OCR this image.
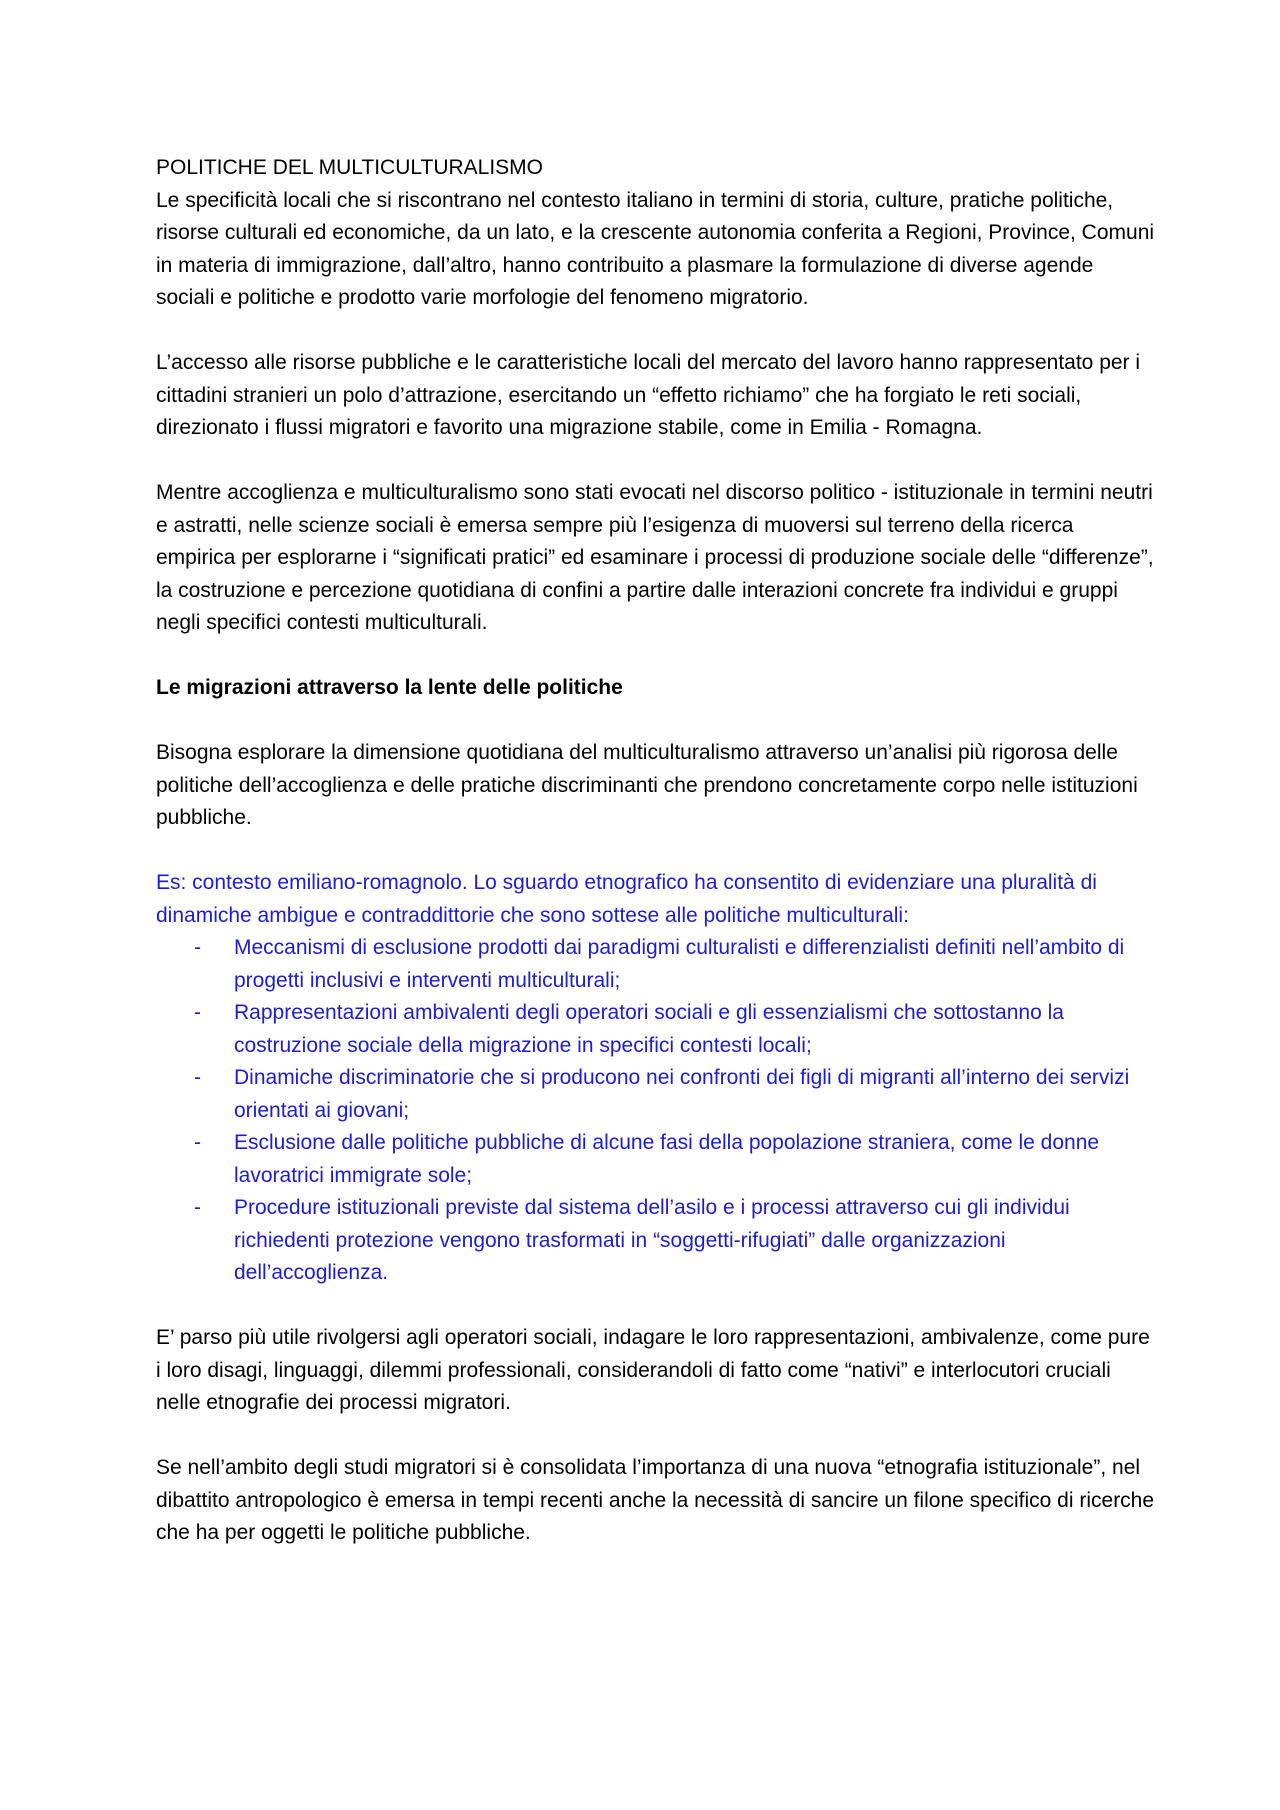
POLITICHE DEL MULTICULTURALISMO

Le specificità locali che si riscontrano nel contesto italiano in termini di storia, culture, pratiche politiche, risorse culturali ed economiche, da un lato, e la crescente autonomia conferita a Regioni, Province, Comuni in materia di immigrazione, dall’altro, hanno contribuito a plasmare la formulazione di diverse agende sociali e politiche e prodotto varie morfologie del fenomeno migratorio.

L’accesso alle risorse pubbliche e le caratteristiche locali del mercato del lavoro hanno rappresentato per i cittadini stranieri un polo d’attrazione, esercitando un “effetto richiamo” che ha forgiato le reti sociali, direzionato i flussi migratori e favorito una migrazione stabile, come in Emilia - Romagna.

Mentre accoglienza e multiculturalismo sono stati evocati nel discorso politico - istituzionale in termini neutri e astratti, nelle scienze sociali è emersa sempre più l’esigenza di muoversi sul terreno della ricerca empirica per esplorarne i “significati pratici” ed esaminare i processi di produzione sociale delle “differenze”, la costruzione e percezione quotidiana di confini a partire dalle interazioni concrete fra individui e gruppi negli specifici contesti multiculturali.

Le migrazioni attraverso la lente delle politiche

Bisogna esplorare la dimensione quotidiana del multiculturalismo attraverso un’analisi più rigorosa delle politiche dell’accoglienza e delle pratiche discriminanti che prendono concretamente corpo nelle istituzioni pubbliche.

Es: contesto emiliano-romagnolo. Lo sguardo etnografico ha consentito di evidenziare una pluralità di dinamiche ambigue e contraddittorie che sono sottese alle politiche multiculturali:

- Meccanismi di esclusione prodotti dai paradigmi culturalisti e differenzialisti definiti nell’ambito di progetti inclusivi e interventi multiculturali;
- Rappresentazioni ambivalenti degli operatori sociali e gli essenzialismi che sottostanno la costruzione sociale della migrazione in specifici contesti locali;
- Dinamiche discriminatorie che si producono nei confronti dei figli di migranti all’interno dei servizi orientati ai giovani;
- Esclusione dalle politiche pubbliche di alcune fasi della popolazione straniera, come le donne lavoratrici immigrate sole;
- Procedure istituzionali previste dal sistema dell’asilo e i processi attraverso cui gli individui richiedenti protezione vengono trasformati in “soggetti-rifugiati” dalle organizzazioni dell’accoglienza.

E’ parso più utile rivolgersi agli operatori sociali, indagare le loro rappresentazioni, ambivalenze, come pure i loro disagi, linguaggi, dilemmi professionali, considerandoli di fatto come “nativi” e interlocutori cruciali nelle etnografie dei processi migratori.

Se nell’ambito degli studi migratori si è consolidata l’importanza di una nuova “etnografia istituzionale”, nel dibattito antropologico è emersa in tempi recenti anche la necessità di sancire un filone specifico di ricerche che ha per oggetti le politiche pubbliche.
